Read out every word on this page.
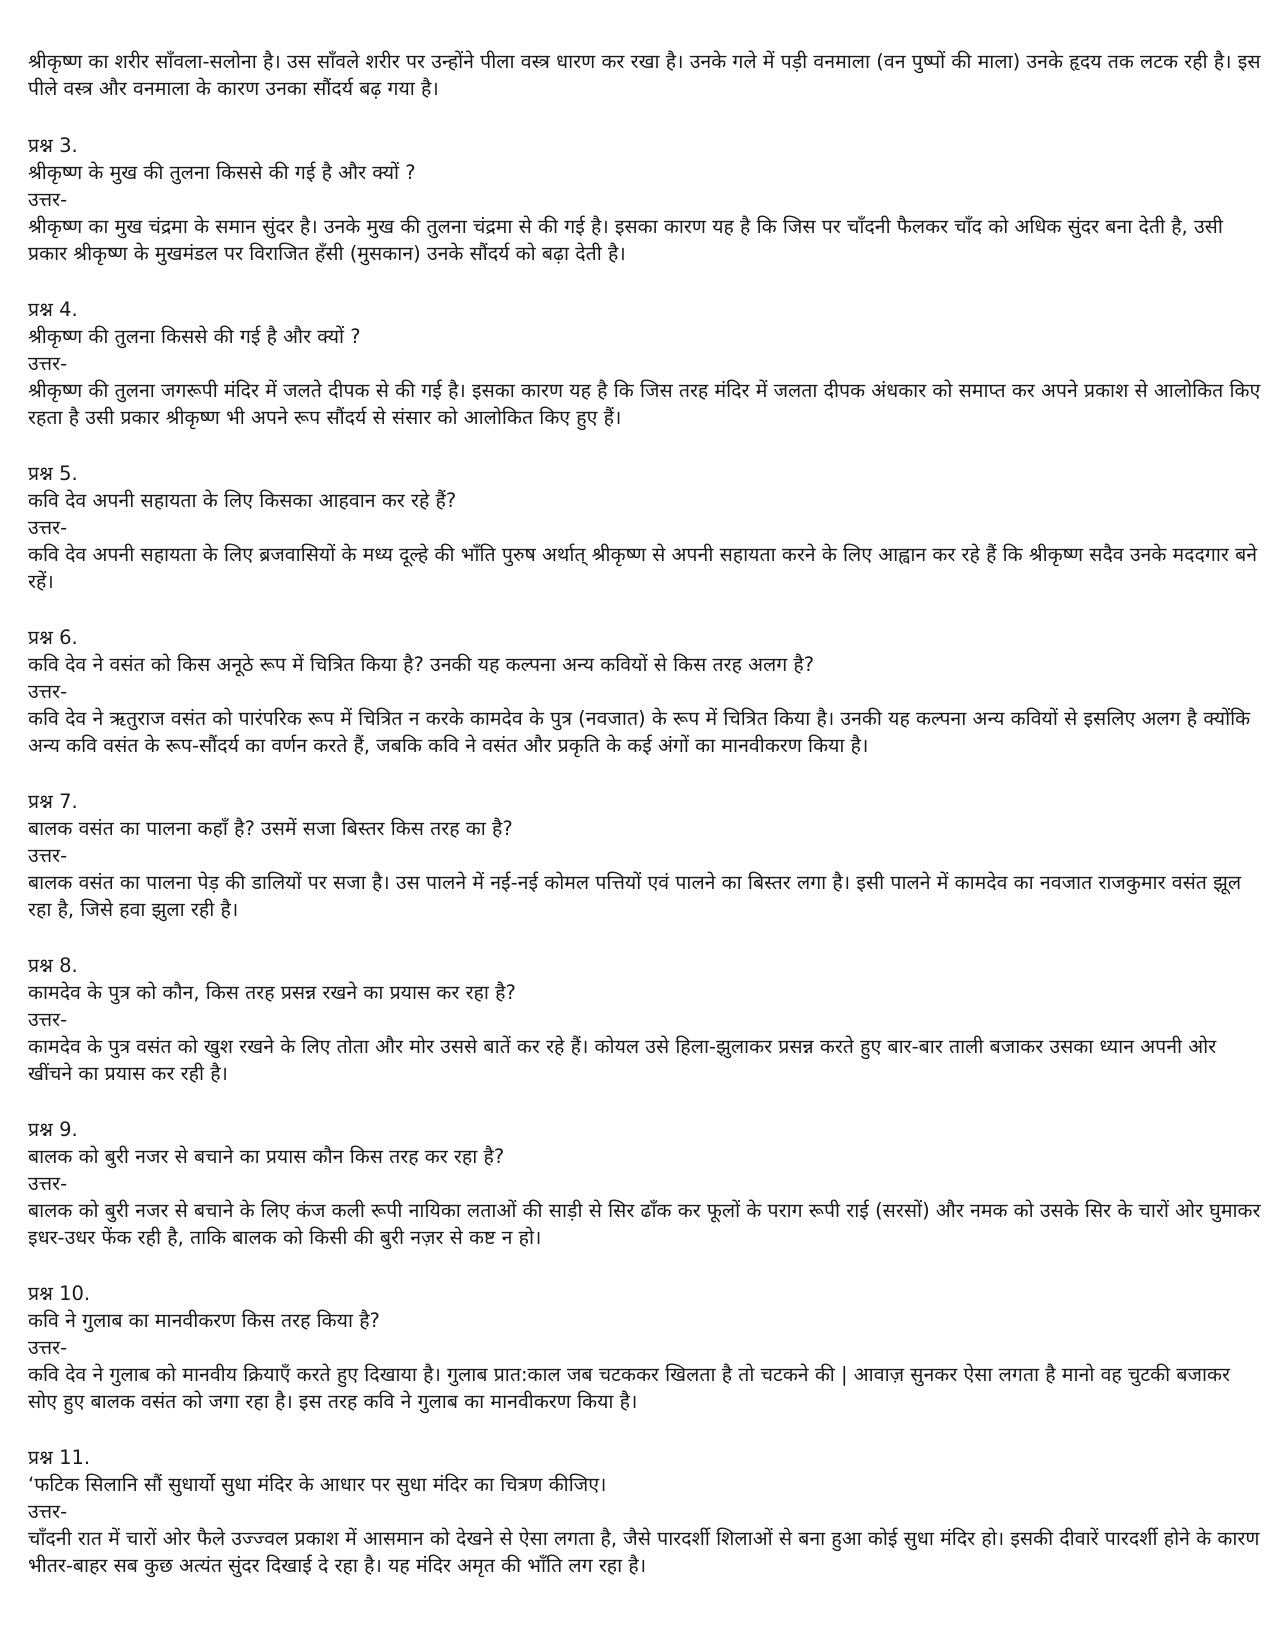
श्रीकृष्ण का शरीर साँवला-सलोना है। उस साँवले शरीर पर उन्होंने पीला वस्त्र धारण कर रखा है। उनके गले में पड़ी वनमाला (वन पुष्पों की माला) उनके हृदय तक लटक रही है। इस पीले वस्त्र और वनमाला के कारण उनका सौंदर्य बढ़ गया है।

प्रश्न 3.

श्रीकृष्ण के मुख की तुलना किससे की गई है और क्यों ?

उत्तर-

श्रीकृष्ण का मुख चंद्रमा के समान सुंदर है। उनके मुख की तुलना चंद्रमा से की गई है। इसका कारण यह है कि जिस पर चाँदनी फैलकर चाँद को अधिक सुंदर बना देती है, उसी प्रकार श्रीकृष्ण के मुखमंडल पर विराजित हँसी (मुसकान) उनके सौंदर्य को बढ़ा देती है।

प्रश्न 4.

श्रीकृष्ण की तुलना किससे की गई है और क्यों ?

उत्तर-

श्रीकृष्ण की तुलना जगरूपी मंदिर में जलते दीपक से की गई है। इसका कारण यह है कि जिस तरह मंदिर में जलता दीपक अंधकार को समाप्त कर अपने प्रकाश से आलोकित किए रहता है उसी प्रकार श्रीकृष्ण भी अपने रूप सौंदर्य से संसार को आलोकित किए हुए हैं।

प्रश्न 5.

कवि देव अपनी सहायता के लिए किसका आहवान कर रहे हैं?

उत्तर-

कवि देव अपनी सहायता के लिए ब्रजवासियों के मध्य दूल्हे की भाँति पुरुष अर्थात् श्रीकृष्ण से अपनी सहायता करने के लिए आह्वान कर रहे हैं कि श्रीकृष्ण सदैव उनके मददगार बने रहें।

प्रश्न 6.

कवि देव ने वसंत को किस अनूठे रूप में चित्रित किया है? उनकी यह कल्पना अन्य कवियों से किस तरह अलग है?

उत्तर-

कवि देव ने ऋतुराज वसंत को पारंपरिक रूप में चित्रित न करके कामदेव के पुत्र (नवजात) के रूप में चित्रित किया है। उनकी यह कल्पना अन्य कवियों से इसलिए अलग है क्योंकि अन्य कवि वसंत के रूप-सौंदर्य का वर्णन करते हैं, जबकि कवि ने वसंत और प्रकृति के कई अंगों का मानवीकरण किया है।

प्रश्न 7.

बालक वसंत का पालना कहाँ है? उसमें सजा बिस्तर किस तरह का है?

उत्तर-

बालक वसंत का पालना पेड़ की डालियों पर सजा है। उस पालने में नई-नई कोमल पत्तियों एवं पालने का बिस्तर लगा है। इसी पालने में कामदेव का नवजात राजकुमार वसंत झूल रहा है, जिसे हवा झुला रही है।

प्रश्न 8.

कामदेव के पुत्र को कौन, किस तरह प्रसन्न रखने का प्रयास कर रहा है?

उत्तर-

कामदेव के पुत्र वसंत को खुश रखने के लिए तोता और मोर उससे बातें कर रहे हैं। कोयल उसे हिला-झुलाकर प्रसन्न करते हुए बार-बार ताली बजाकर उसका ध्यान अपनी ओर खींचने का प्रयास कर रही है।

प्रश्न 9.

बालक को बुरी नजर से बचाने का प्रयास कौन किस तरह कर रहा है?

उत्तर-

बालक को बुरी नजर से बचाने के लिए कंज कली रूपी नायिका लताओं की साड़ी से सिर ढाँक कर फूलों के पराग रूपी राई (सरसों) और नमक को उसके सिर के चारों ओर घुमाकर इधर-उधर फेंक रही है, ताकि बालक को किसी की बुरी नज़र से कष्ट न हो।

प्रश्न 10.

कवि ने गुलाब का मानवीकरण किस तरह किया है?

उत्तर-

कवि देव ने गुलाब को मानवीय क्रियाएँ करते हुए दिखाया है। गुलाब प्रात:काल जब चटककर खिलता है तो चटकने की | आवाज़ सुनकर ऐसा लगता है मानो वह चुटकी बजाकर सोए हुए बालक वसंत को जगा रहा है। इस तरह कवि ने गुलाब का मानवीकरण किया है।

प्रश्न 11.

‘फटिक सिलानि सौं सुधार्यो सुधा मंदिर के आधार पर सुधा मंदिर का चित्रण कीजिए।

उत्तर-

चाँदनी रात में चारों ओर फैले उज्ज्वल प्रकाश में आसमान को देखने से ऐसा लगता है, जैसे पारदर्शी शिलाओं से बना हुआ कोई सुधा मंदिर हो। इसकी दीवारें पारदर्शी होने के कारण भीतर-बाहर सब कुछ अत्यंत सुंदर दिखाई दे रहा है। यह मंदिर अमृत की भाँति लग रहा है।
